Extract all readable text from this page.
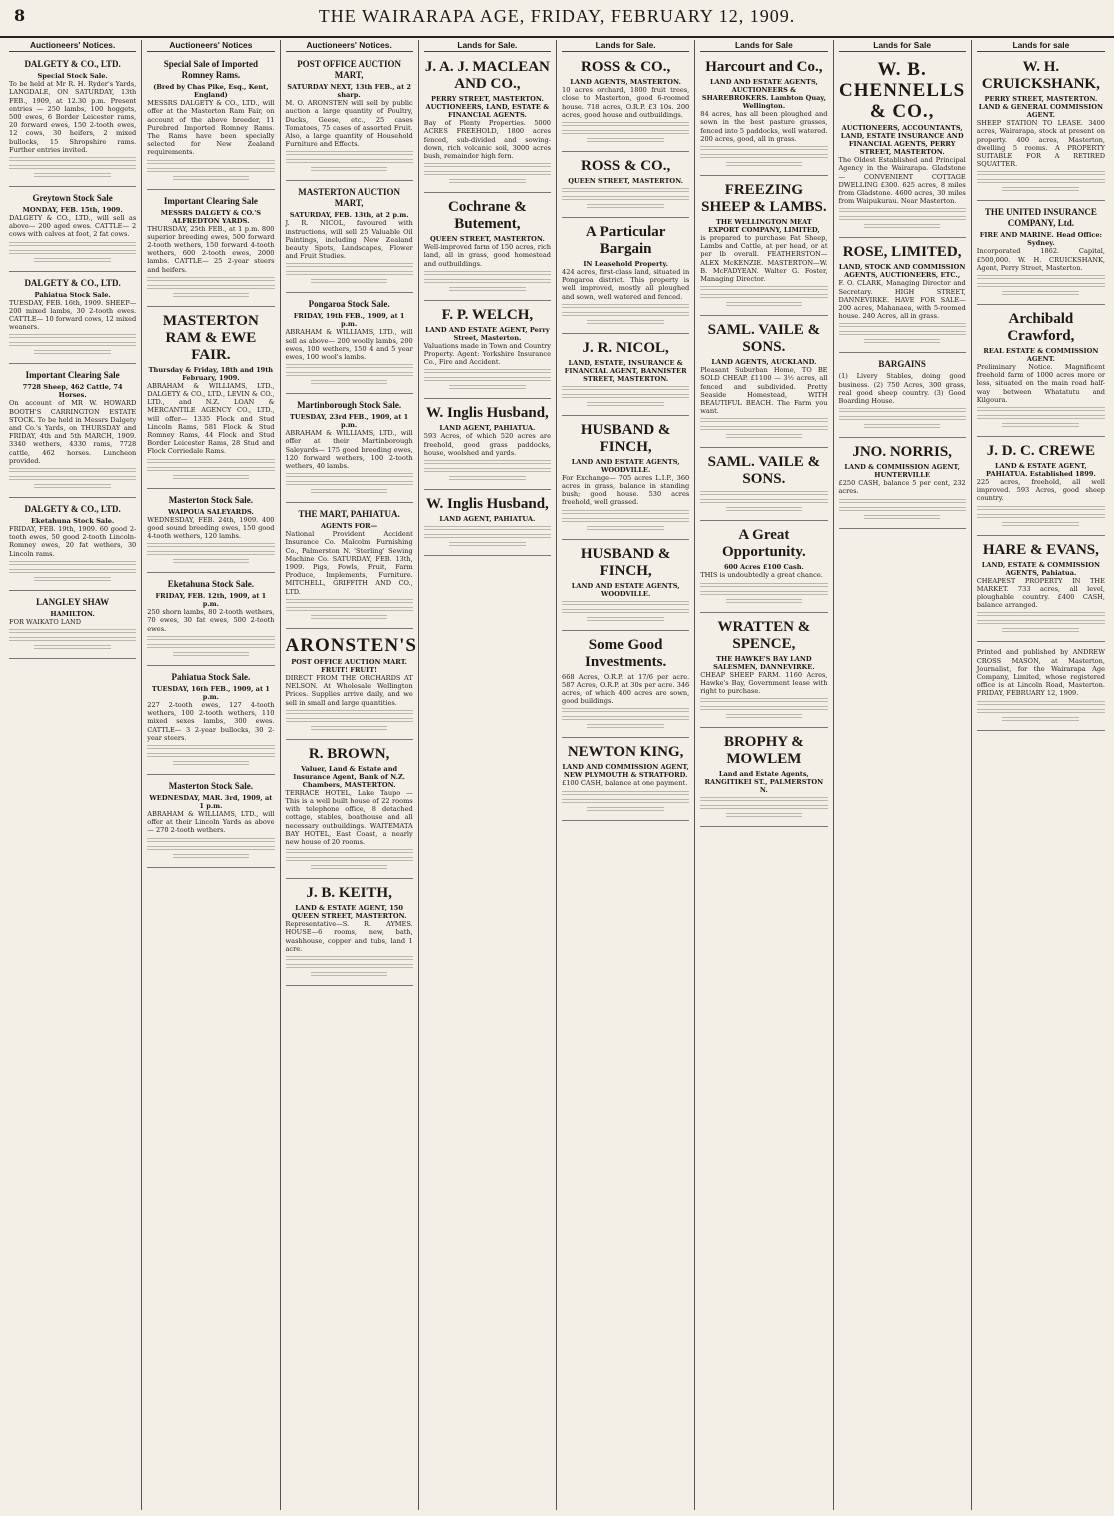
8	THE WAIRARAPA AGE, FRIDAY, FEBRUARY 12, 1909.
Auctioneers' Notices.
DALGETY & CO., LTD.
Special Stock Sale.

To be held at Mr R. H. Ryder's Yards, LANGDALE, ON SATURDAY, 13th FEB., 1909, at 12.30 p.m. Present entries — 250 lambs, 100 hoggets, 500 ewes, 6 Border Leicester rams, 20 forward ewes, 150 2-tooth ewes, 12 cows, 30 heifers, 2 mixed bullocks, 15 Shropshire rams. Further entries invited.

Greytown Stock Sale
MONDAY, FEB. 15th, 1909.

DALGETY & CO., LTD., will sell as above— 200 aged ewes. CATTLE— 2 cows with calves at foot, 2 fat cows.

DALGETY & CO., LTD.
Pahiatua Stock Sale.

TUESDAY, FEB. 16th, 1909. SHEEP— 200 mixed lambs, 30 2-tooth ewes. CATTLE— 10 forward cows, 12 mixed weaners.

Important Clearing Sale
7728 Sheep, 462 Cattle, 74 Horses.

On account of MR W. HOWARD BOOTH'S CARRINGTON ESTATE STOCK. To be held in Messrs Dalgety and Co.'s Yards, on THURSDAY and FRIDAY, 4th and 5th MARCH, 1909. 3340 wethers, 4330 rams, 7728 cattle, 462 horses. Luncheon provided.

DALGETY & CO., LTD.
Eketahuna Stock Sale.

FRIDAY, FEB. 19th, 1909. 60 good 2-tooth ewes, 50 good 2-tooth Lincoln-Romney ewes, 20 fat wethers, 30 Lincoln rams.

LANGLEY SHAW
HAMILTON.

FOR WAIKATO LAND

Auctioneers' Notices
Special Sale of Imported Romney Rams.
(Bred by Chas Pike, Esq., Kent, England)

MESSRS DALGETY & CO., LTD., will offer at the Masterton Ram Fair, on account of the above breeder, 11 Purebred Imported Romney Rams. The Rams have been specially selected for New Zealand requirements.

Important Clearing Sale
MESSRS DALGETY & CO.'S ALFREDTON YARDS.

THURSDAY, 25th FEB., at 1 p.m. 800 superior breeding ewes, 500 forward 2-tooth wethers, 150 forward 4-tooth wethers, 600 2-tooth ewes, 2000 lambs. CATTLE— 25 2-year steers and heifers.

MASTERTON RAM & EWE FAIR.
Thursday & Friday, 18th and 19th February, 1909.

ABRAHAM & WILLIAMS, LTD., DALGETY & CO., LTD., LEVIN & CO., LTD., and N.Z. LOAN & MERCANTILE AGENCY CO., LTD., will offer— 1335 Flock and Stud Lincoln Rams, 581 Flock & Stud Romney Rams, 44 Flock and Stud Border Leicester Rams, 28 Stud and Flock Corriedale Rams.

Masterton Stock Sale.
WAIPOUA SALEYARDS.

WEDNESDAY, FEB. 24th, 1909. 400 good sound breeding ewes, 150 good 4-tooth wethers, 120 lambs.

Eketahuna Stock Sale.
FRIDAY, FEB. 12th, 1909, at 1 p.m.

250 shorn lambs, 80 2-tooth wethers, 70 ewes, 30 fat ewes, 500 2-tooth ewes.

Pahiatua Stock Sale.
TUESDAY, 16th FEB., 1909, at 1 p.m.

227 2-tooth ewes, 127 4-tooth wethers, 100 2-tooth wethers, 110 mixed sexes lambs, 300 ewes. CATTLE— 3 2-year bullocks, 30 2-year steers.

Masterton Stock Sale.
WEDNESDAY, MAR. 3rd, 1909, at 1 p.m.

ABRAHAM & WILLIAMS, LTD., will offer at their Lincoln Yards as above— 270 2-tooth wethers.

Auctioneers' Notices.
POST OFFICE AUCTION MART,
SATURDAY NEXT, 13th FEB., at 2 sharp.

M. O. ARONSTEN will sell by public auction a large quantity of Poultry, Ducks, Geese, etc., 25 cases Tomatoes, 75 cases of assorted Fruit. Also, a large quantity of Household Furniture and Effects.

MASTERTON AUCTION MART,
SATURDAY, FEB. 13th, at 2 p.m.

J. R. NICOL, favoured with instructions, will sell 25 Valuable Oil Paintings, including New Zealand beauty Spots, Landscapes, Flower and Fruit Studies.

Pongaroa Stock Sale.
FRIDAY, 19th FEB., 1909, at 1 p.m.

ABRAHAM & WILLIAMS, LTD., will sell as above— 200 woolly lambs, 200 ewes, 100 wethers, 150 4 and 5 year ewes, 100 wool's lambs.

Martinborough Stock Sale.
TUESDAY, 23rd FEB., 1909, at 1 p.m.

ABRAHAM & WILLIAMS, LTD., will offer at their Martinborough Saleyards— 175 good breeding ewes, 120 forward wethers, 100 2-tooth wethers, 40 lambs.

THE MART, PAHIATUA.
AGENTS FOR—

National Provident Accident Insurance Co. Malcolm Furnishing Co., Palmerston N. 'Sterling' Sewing Machine Co. SATURDAY, FEB. 13th, 1909. Pigs, Fowls, Fruit, Farm Produce, Implements, Furniture. MITCHELL, GRIFFITH AND CO., LTD.

ARONSTEN'S
POST OFFICE AUCTION MART. FRUIT! FRUIT!

DIRECT FROM THE ORCHARDS AT NELSON. At Wholesale Wellington Prices. Supplies arrive daily, and we sell in small and large quantities.

R. BROWN,
Valuer, Land & Estate and Insurance Agent, Bank of N.Z. Chambers, MASTERTON.

TERRACE HOTEL, Lake Taupo — This is a well built house of 22 rooms with telephone office, 8 detached cottage, stables, boathouse and all necessary outbuildings. WAITEMATA BAY HOTEL, East Coast, a nearly new house of 20 rooms.

J. B. KEITH,
LAND & ESTATE AGENT, 150 QUEEN STREET, MASTERTON.

Representative—S. R. AYMES. HOUSE—6 rooms, new, bath, washhouse, copper and tubs, land 1 acre.

Lands for Sale.
J. A. J. MACLEAN AND CO.,
PERRY STREET, MASTERTON. AUCTIONEERS, LAND, ESTATE & FINANCIAL AGENTS.

Bay of Plenty Properties. 5000 ACRES FREEHOLD, 1800 acres fenced, sub-divided and sowing-down, rich volcanic soil, 3000 acres bush, remainder high fern.

Cochrane & Butement,
QUEEN STREET, MASTERTON.

Well-improved farm of 150 acres, rich land, all in grass, good homestead and outbuildings.

F. P. WELCH,
LAND AND ESTATE AGENT, Perry Street, Masterton.

Valuations made in Town and Country Property. Agent: Yorkshire Insurance Co., Fire and Accident.

W. Inglis Husband,
LAND AGENT, PAHIATUA.

593 Acres, of which 520 acres are freehold, good grass paddocks, house, woolshed and yards.

W. Inglis Husband,
LAND AGENT, PAHIATUA.
Lands for Sale.
ROSS & CO.,
LAND AGENTS, MASTERTON.

10 acres orchard, 1800 fruit trees, close to Masterton, good 6-roomed house. 718 acres, O.R.P. £3 10s. 200 acres, good house and outbuildings.

ROSS & CO.,
QUEEN STREET, MASTERTON.
A Particular Bargain
IN Leasehold Property.

424 acres, first-class land, situated in Pongaroa district. This property is well improved, mostly all ploughed and sown, well watered and fenced.

J. R. NICOL,
LAND, ESTATE, INSURANCE & FINANCIAL AGENT, BANNISTER STREET, MASTERTON.
HUSBAND & FINCH,
LAND AND ESTATE AGENTS, WOODVILLE.

For Exchange— 705 acres L.I.P., 360 acres in grass, balance in standing bush; good house. 530 acres freehold, well grassed.

HUSBAND & FINCH,
LAND AND ESTATE AGENTS, WOODVILLE.
Some Good Investments.

668 Acres, O.R.P. at 17/6 per acre. 587 Acres, O.R.P. at 30s per acre. 346 acres, of which 400 acres are sown, good buildings.

NEWTON KING,
LAND AND COMMISSION AGENT, NEW PLYMOUTH & STRATFORD.

£100 CASH, balance at one payment.

Lands for Sale
Harcourt and Co.,
LAND AND ESTATE AGENTS, AUCTIONEERS & SHAREBROKERS. Lambton Quay, Wellington.

84 acres, has all been ploughed and sown in the best pasture grasses, fenced into 5 paddocks, well watered. 200 acres, good, all in grass.

FREEZING SHEEP & LAMBS.
THE WELLINGTON MEAT EXPORT COMPANY, LIMITED,

is prepared to purchase Fat Sheep, Lambs and Cattle, at per head, or at per lb overall. FEATHERSTON—ALEX McKENZIE. MASTERTON—W. B. McFADYEAN. Walter G. Foster, Managing Director.

SAML. VAILE & SONS.
LAND AGENTS, AUCKLAND.

Pleasant Suburban Home, TO BE SOLD CHEAP. £1100 — 3½ acres, all fenced and subdivided. Pretty Seaside Homestead, WITH BEAUTIFUL BEACH. The Farm you want.

SAML. VAILE & SONS.
A Great Opportunity.
600 Acres £100 Cash.

THIS is undoubtedly a great chance.

WRATTEN & SPENCE,
THE HAWKE'S BAY LAND SALESMEN, DANNEVIRKE.

CHEAP SHEEP FARM. 1160 Acres, Hawke's Bay, Government lease with right to purchase.

BROPHY & MOWLEM
Land and Estate Agents, RANGITIKEI ST., PALMERSTON N.
Lands for Sale
W. B. CHENNELLS & CO.,
AUCTIONEERS, ACCOUNTANTS, LAND, ESTATE INSURANCE AND FINANCIAL AGENTS, PERRY STREET, MASTERTON.

The Oldest Established and Principal Agency in the Wairarapa. Gladstone — CONVENIENT COTTAGE DWELLING £300. 625 acres, 8 miles from Gladstone. 4600 acres, 30 miles from Waipukurau. Near Masterton.

ROSE, LIMITED,
LAND, STOCK AND COMMISSION AGENTS, AUCTIONEERS, ETC.,

F. O. CLARK, Managing Director and Secretary. HIGH STREET, DANNEVIRKE. HAVE FOR SALE— 200 acres, Mahanaea, with 5-roomed house. 240 Acres, all in grass.

BARGAINS

(1) Livery Stables, doing good business. (2) 750 Acres, 300 grass, real good sheep country. (3) Good Boarding House.

JNO. NORRIS,
LAND & COMMISSION AGENT, HUNTERVILLE

£250 CASH, balance 5 per cent, 232 acres.

Lands for sale
W. H. CRUICKSHANK,
PERRY STREET, MASTERTON. LAND & GENERAL COMMISSION AGENT.

SHEEP STATION TO LEASE. 3400 acres, Wairarapa, stock at present on property. 400 acres, Masterton, dwelling 5 rooms. A PROPERTY SUITABLE FOR A RETIRED SQUATTER.

THE UNITED INSURANCE COMPANY, Ltd.
FIRE AND MARINE. Head Office: Sydney.

Incorporated 1862. Capital, £500,000. W. H. CRUICKSHANK, Agent, Perry Street, Masterton.

Archibald Crawford,
REAL ESTATE & COMMISSION AGENT.

Preliminary Notice. Magnificent freehold farm of 1000 acres more or less, situated on the main road half-way between Whatatutu and Kilgoura.

J. D. C. CREWE
LAND & ESTATE AGENT, PAHIATUA. Established 1899.

225 acres, freehold, all well improved. 593 Acres, good sheep country.

HARE & EVANS,
LAND, ESTATE & COMMISSION AGENTS, Pahiatua.

CHEAPEST PROPERTY IN THE MARKET. 733 acres, all level, ploughable country. £400 CASH, balance arranged.

Printed and published by ANDREW CROSS MASON, at Masterton, Journalist, for the Wairarapa Age Company, Limited, whose registered office is at Lincoln Road, Masterton. FRIDAY, FEBRUARY 12, 1909.
